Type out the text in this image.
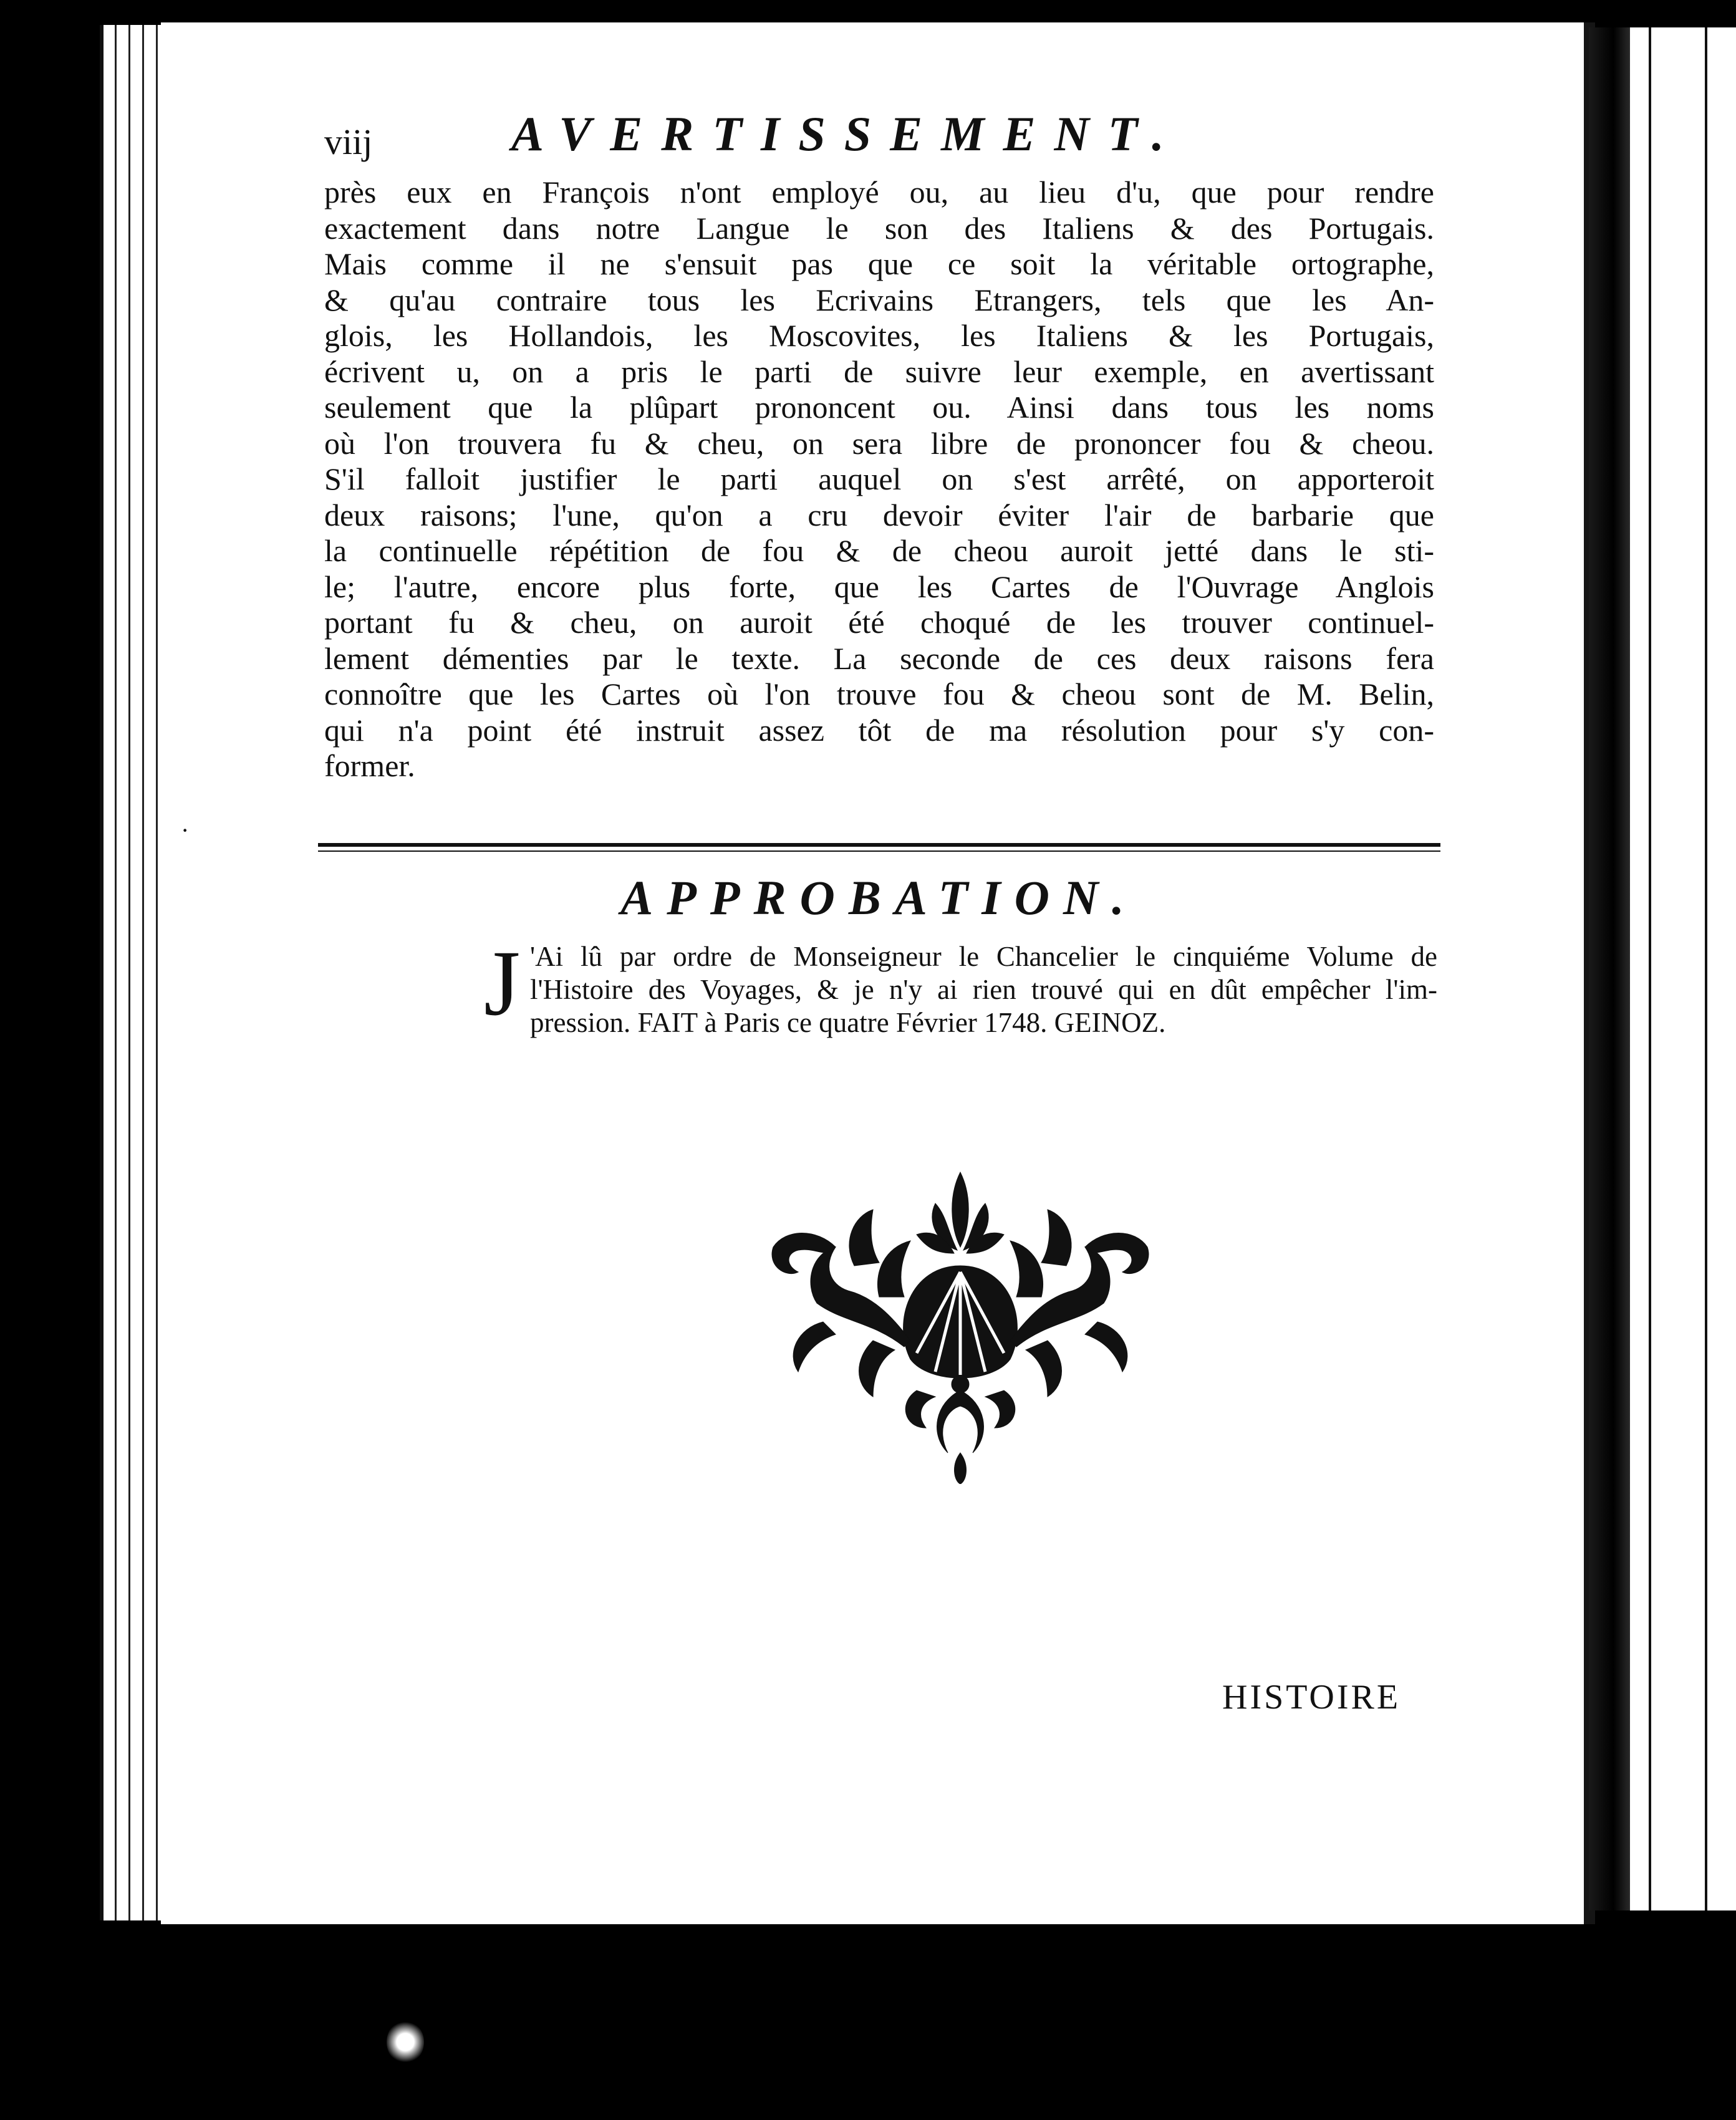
·
viij	AVERTISSEMENT.
près eux en François n'ont employé ou, au lieu d'u, que pour rendre
exactement dans notre Langue le son des Italiens & des Portugais.
Mais comme il ne s'ensuit pas que ce soit la véritable ortographe,
& qu'au contraire tous les Ecrivains Etrangers, tels que les An-
glois, les Hollandois, les Moscovites, les Italiens & les Portugais,
écrivent u, on a pris le parti de suivre leur exemple, en avertissant
seulement que la plûpart prononcent ou. Ainsi dans tous les noms
où l'on trouvera fu & cheu, on sera libre de prononcer fou & cheou.
S'il falloit justifier le parti auquel on s'est arrêté, on apporteroit
deux raisons; l'une, qu'on a cru devoir éviter l'air de barbarie que
la continuelle répétition de fou & de cheou auroit jetté dans le sti-
le; l'autre, encore plus forte, que les Cartes de l'Ouvrage Anglois
portant fu & cheu, on auroit été choqué de les trouver continuel-
lement démenties par le texte. La seconde de ces deux raisons fera
connoître que les Cartes où l'on trouve fou & cheou sont de M. Belin,
qui n'a point été instruit assez tôt de ma résolution pour s'y con-
former.
APPROBATION.
J 'Ai lû par ordre de Monseigneur le Chancelier le cinquiéme Volume de
l'Histoire des Voyages, & je n'y ai rien trouvé qui en dût empêcher l'im-
pression. FAIT à Paris ce quatre Février 1748. GEINOZ.
HISTOIRE
